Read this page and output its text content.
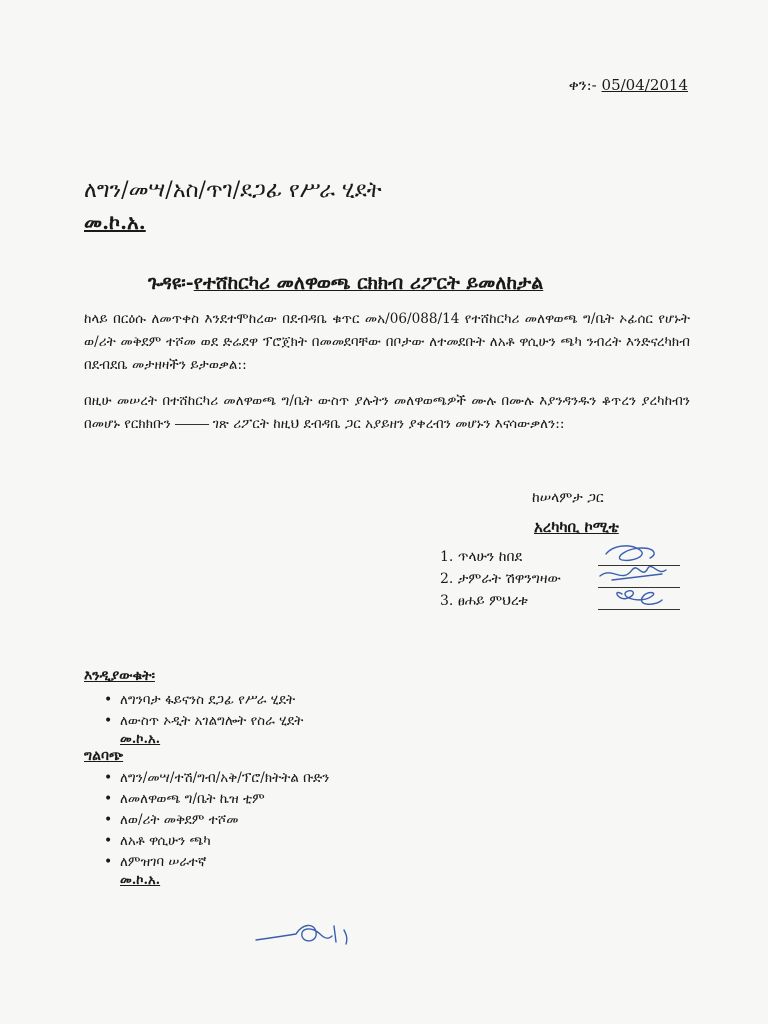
ቀን:- 05/04/2014
ለግን/መሣ/አስ/ጥገ/ደጋፊ የሥራ ሂደት
መ.ኮ.አ.
ጉዳዩ፡-የተሸከርካሪ መለዋወጫ ርክክብ ሪፖርት ይመለከታል
ከላይ በርዕሱ ለመጥቀስ እንደተሞከረው በደብዳቤ ቁጥር መአ/06/088/14 የተሸከርካሪ መለዋወጫ ግ/ቤት ኦፊሰር የሆኑት ወ/ሪት መቅደም ተሾመ ወደ ድሬደዋ ፕሮጀክት በመመደባቸው በቦታው ለተመደቡት ለአቶ ዋሲሁን ጫካ ንብረት እንድናረካክብ በደብደቤ መታዘዛችን ይታወቃል::
በዚሁ መሠረት በተሸከርካሪ መለዋወጫ ግ/ቤት ውስጥ ያሉትን መለዋወጫዎች ሙሉ በሙሉ እያንዳንዱን ቆጥረን ያረካከብን በመሆኑ የርክክቡን	ገጽ ሪፖርት ከዚህ ደብዳቤ ጋር አያይዘን ያቀረብን መሆኑን እናሳውቃለን::
ከሠላምታ ጋር
አረካካቢ ኮሚቴ
1. ጥላሁን ከበደ
2. ታምራት ሽዋንግዛው
3. ፀሐይ ምህረቱ
እንዲያውቁት፡
• ለግንባታ ፋይናንስ ደጋፊ የሥራ ሂደት
• ለውስጥ ኦዲት አገልግሎት የስራ ሂደት
መ.ኮ.አ.
ግልባጭ
• ለግን/መሣ/ተሽ/ግብ/አቅ/ፕሮ/ክትትል ቡድን
• ለመለዋወጫ ግ/ቤት ኬዝ ቲም
• ለወ/ሪት መቅደም ተሾመ
• ለአቶ ዋሲሁን ጫካ
• ለምዝገባ ሠራተኛ
መ.ኮ.አ.
